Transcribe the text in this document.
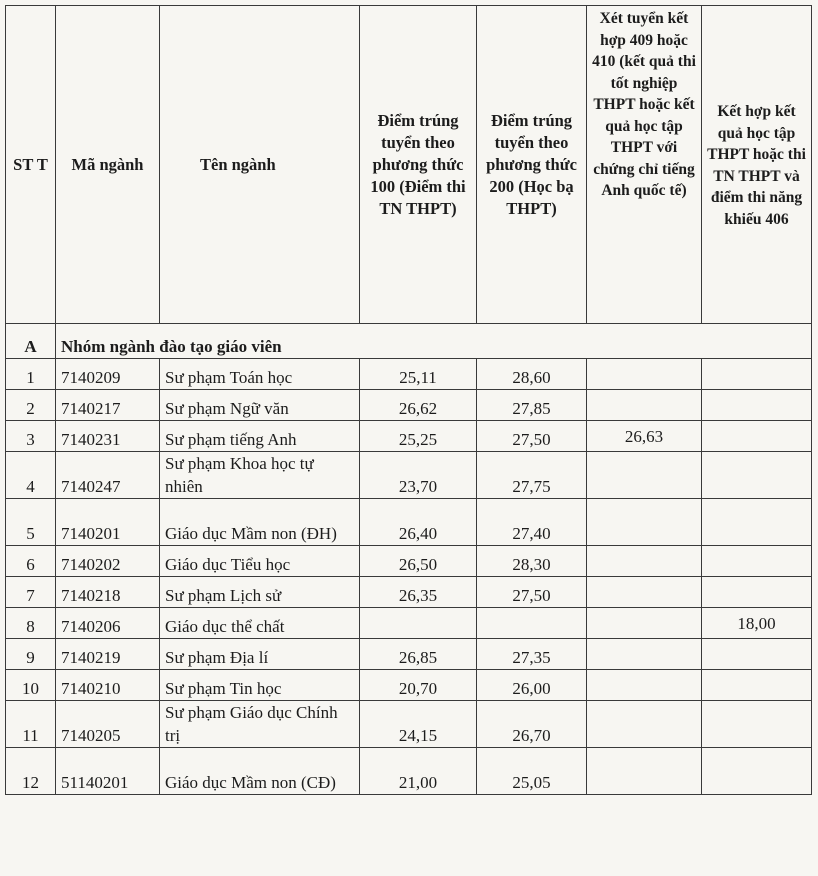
ST T	Mã ngành	Tên ngành	Điểm trúng tuyển theo phương thức 100 (Điểm thi TN THPT)	Điểm trúng tuyển theo phương thức 200 (Học bạ THPT)	Xét tuyển kết hợp 409 hoặc 410 (kết quả thi tốt nghiệp THPT hoặc kết quả học tập THPT với chứng chỉ tiếng Anh quốc tế)	Kết hợp kết quả học tập THPT hoặc thi TN THPT và điểm thi năng khiếu 406
A	Nhóm ngành đào tạo giáo viên					
1	7140209	Sư phạm Toán học	25,11	28,60		
2	7140217	Sư phạm Ngữ văn	26,62	27,85		
3	7140231	Sư phạm tiếng Anh	25,25	27,50	26,63	
4	7140247	Sư phạm Khoa học tự nhiên	23,70	27,75		
5	7140201	Giáo dục Mầm non (ĐH)	26,40	27,40		
6	7140202	Giáo dục Tiểu học	26,50	28,30		
7	7140218	Sư phạm Lịch sử	26,35	27,50		
8	7140206	Giáo dục thể chất				18,00
9	7140219	Sư phạm Địa lí	26,85	27,35		
10	7140210	Sư phạm Tin học	20,70	26,00		
11	7140205	Sư phạm Giáo dục Chính trị	24,15	26,70		
12	51140201	Giáo dục Mầm non (CĐ)	21,00	25,05		
